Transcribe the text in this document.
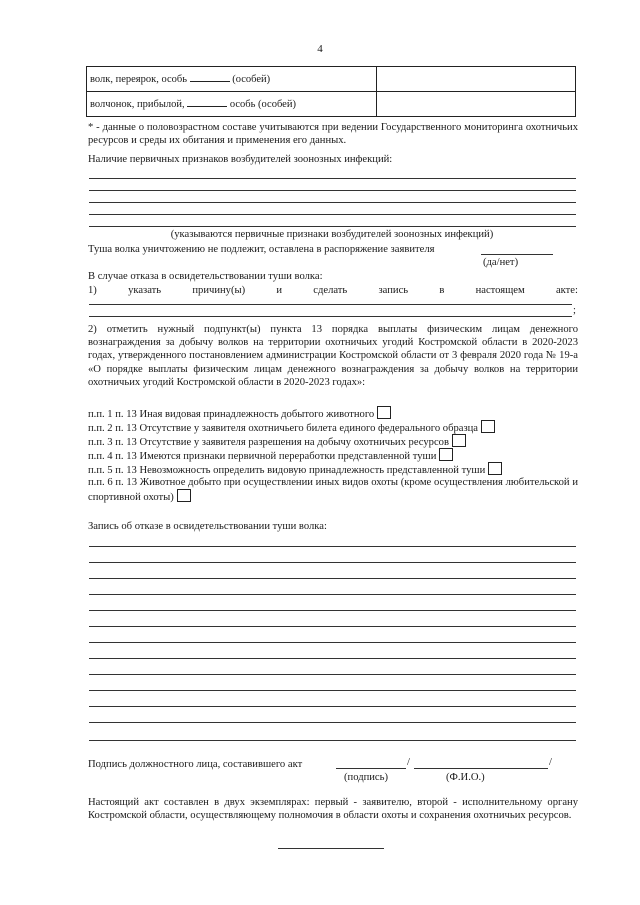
4
волк, переярок, особь (особей)	
волчонок, прибылой, особь (особей)	
* - данные о половозрастном составе учитываются при ведении Государственного мониторинга охотничьих ресурсов и среды их обитания и применения его данных.
Наличие первичных признаков возбудителей зоонозных инфекций:
(указываются первичные признаки возбудителей зоонозных инфекций)
Туша волка уничтожению не подлежит, оставлена в распоряжение заявителя
(да/нет)
В случае отказа в освидетельствовании туши волка:
1)	указать	причину(ы)	и	сделать	запись	в	настоящем	акте:
;
2) отметить нужный подпункт(ы) пункта 13 порядка выплаты физическим лицам денежного вознаграждения за добычу волков на территории охотничьих угодий Костромской области в 2020-2023 годах, утвержденного постановлением администрации Костромской области от 3 февраля 2020 года № 19-а «О порядке выплаты физическим лицам денежного вознаграждения за добычу волков на территории охотничьих угодий Костромской области в 2020-2023 годах»:
п.п. 1 п. 13 Иная видовая принадлежность добытого животного
п.п. 2 п. 13 Отсутствие у заявителя охотничьего билета единого федерального образца
п.п. 3 п. 13 Отсутствие у заявителя разрешения на добычу охотничьих ресурсов
п.п. 4 п. 13 Имеются признаки первичной переработки представленной туши
п.п. 5 п. 13 Невозможность определить видовую принадлежность представленной туши
п.п. 6 п. 13 Животное добыто при осуществлении иных видов охоты (кроме осуществления любительской и спортивной охоты)
Запись об отказе в освидетельствовании туши волка:
Подпись должностного лица, составившего акт	/	/
(подпись)	(Ф.И.О.)
Настоящий акт составлен в двух экземплярах: первый - заявителю, второй - исполнительному органу Костромской области, осуществляющему полномочия в области охоты и сохранения охотничьих ресурсов.
